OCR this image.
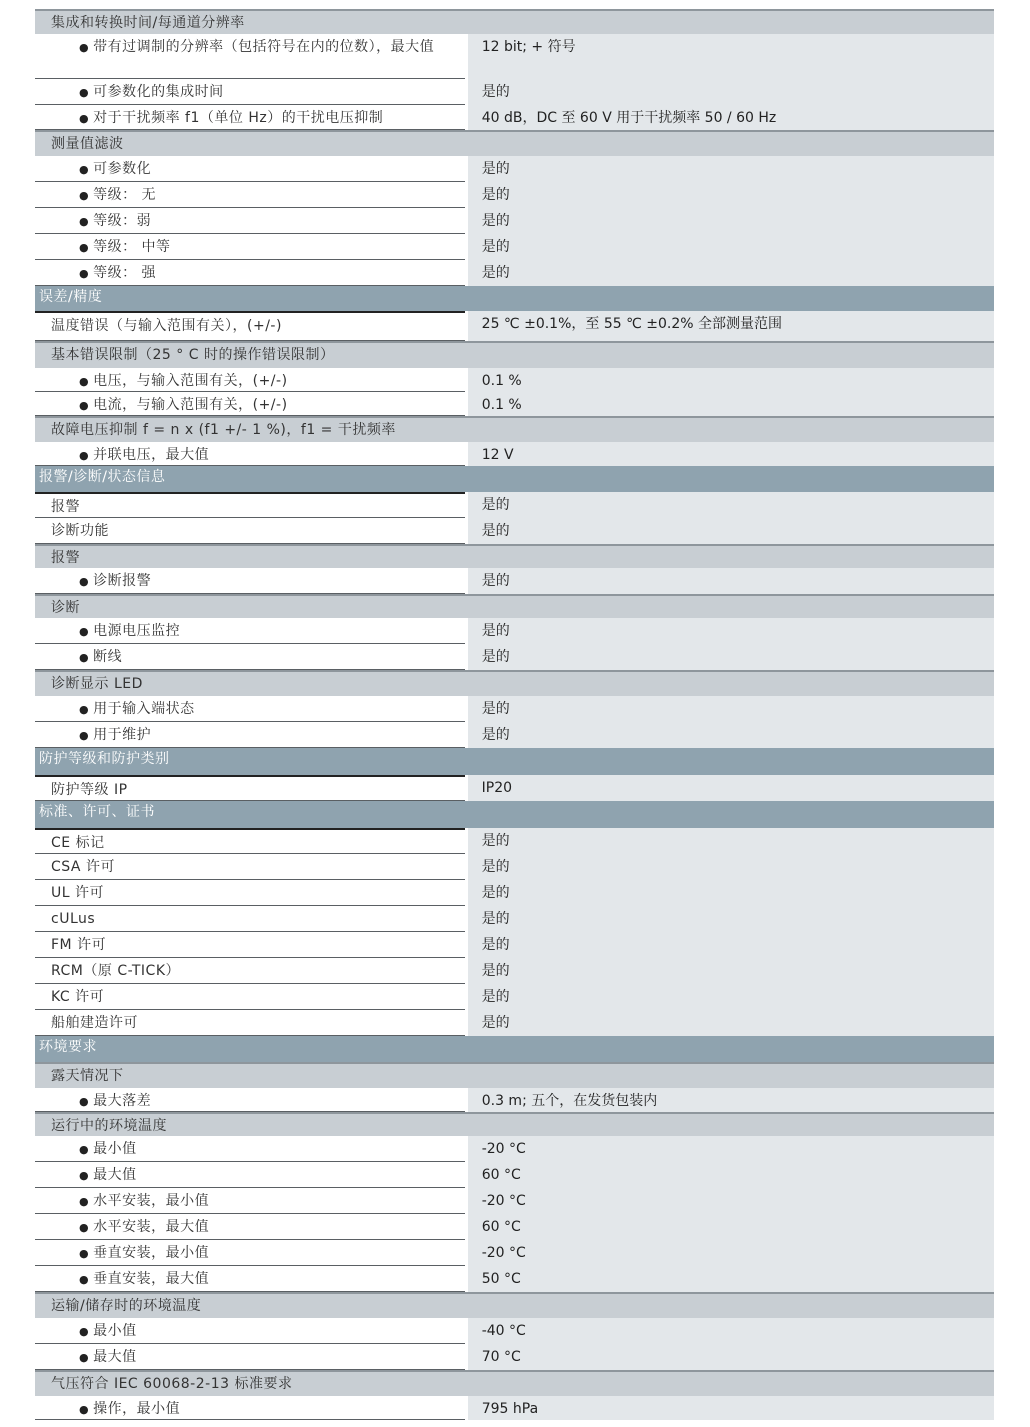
集成和转换时间/每通道分辨率
● 带有过调制的分辨率（包括符号在内的位数），最大值	12 bit; + 符号
● 可参数化的集成时间	是的
● 对于干扰频率 f1（单位 Hz）的干扰电压抑制	40 dB，DC 至 60 V 用于干扰频率 50 / 60 Hz
测量值滤波
● 可参数化	是的
● 等级： 无	是的
● 等级：弱	是的
● 等级： 中等	是的
● 等级： 强	是的
误差/精度
温度错误（与输入范围有关），(+/-)	25 ℃ ±0.1%，至 55 ℃ ±0.2% 全部测量范围
基本错误限制（25 ° C 时的操作错误限制）
● 电压，与输入范围有关，(+/-)	0.1 %
● 电流，与输入范围有关，(+/-)	0.1 %
故障电压抑制 f = n x (f1 +/- 1 %)，f1 = 干扰频率
● 并联电压，最大值	12 V
报警/诊断/状态信息
报警	是的
诊断功能	是的
报警
● 诊断报警	是的
诊断
● 电源电压监控	是的
● 断线	是的
诊断显示 LED
● 用于输入端状态	是的
● 用于维护	是的
防护等级和防护类别
防护等级 IP	IP20
标准、许可、证书
CE 标记	是的
CSA 许可	是的
UL 许可	是的
cULus	是的
FM 许可	是的
RCM（原 C-TICK）	是的
KC 许可	是的
船舶建造许可	是的
环境要求
露天情况下
● 最大落差	0.3 m; 五个，在发货包装内
运行中的环境温度
● 最小值	-20 °C
● 最大值	60 °C
● 水平安装，最小值	-20 °C
● 水平安装，最大值	60 °C
● 垂直安装，最小值	-20 °C
● 垂直安装，最大值	50 °C
运输/储存时的环境温度
● 最小值	-40 °C
● 最大值	70 °C
气压符合 IEC 60068-2-13 标准要求
● 操作，最小值	795 hPa
